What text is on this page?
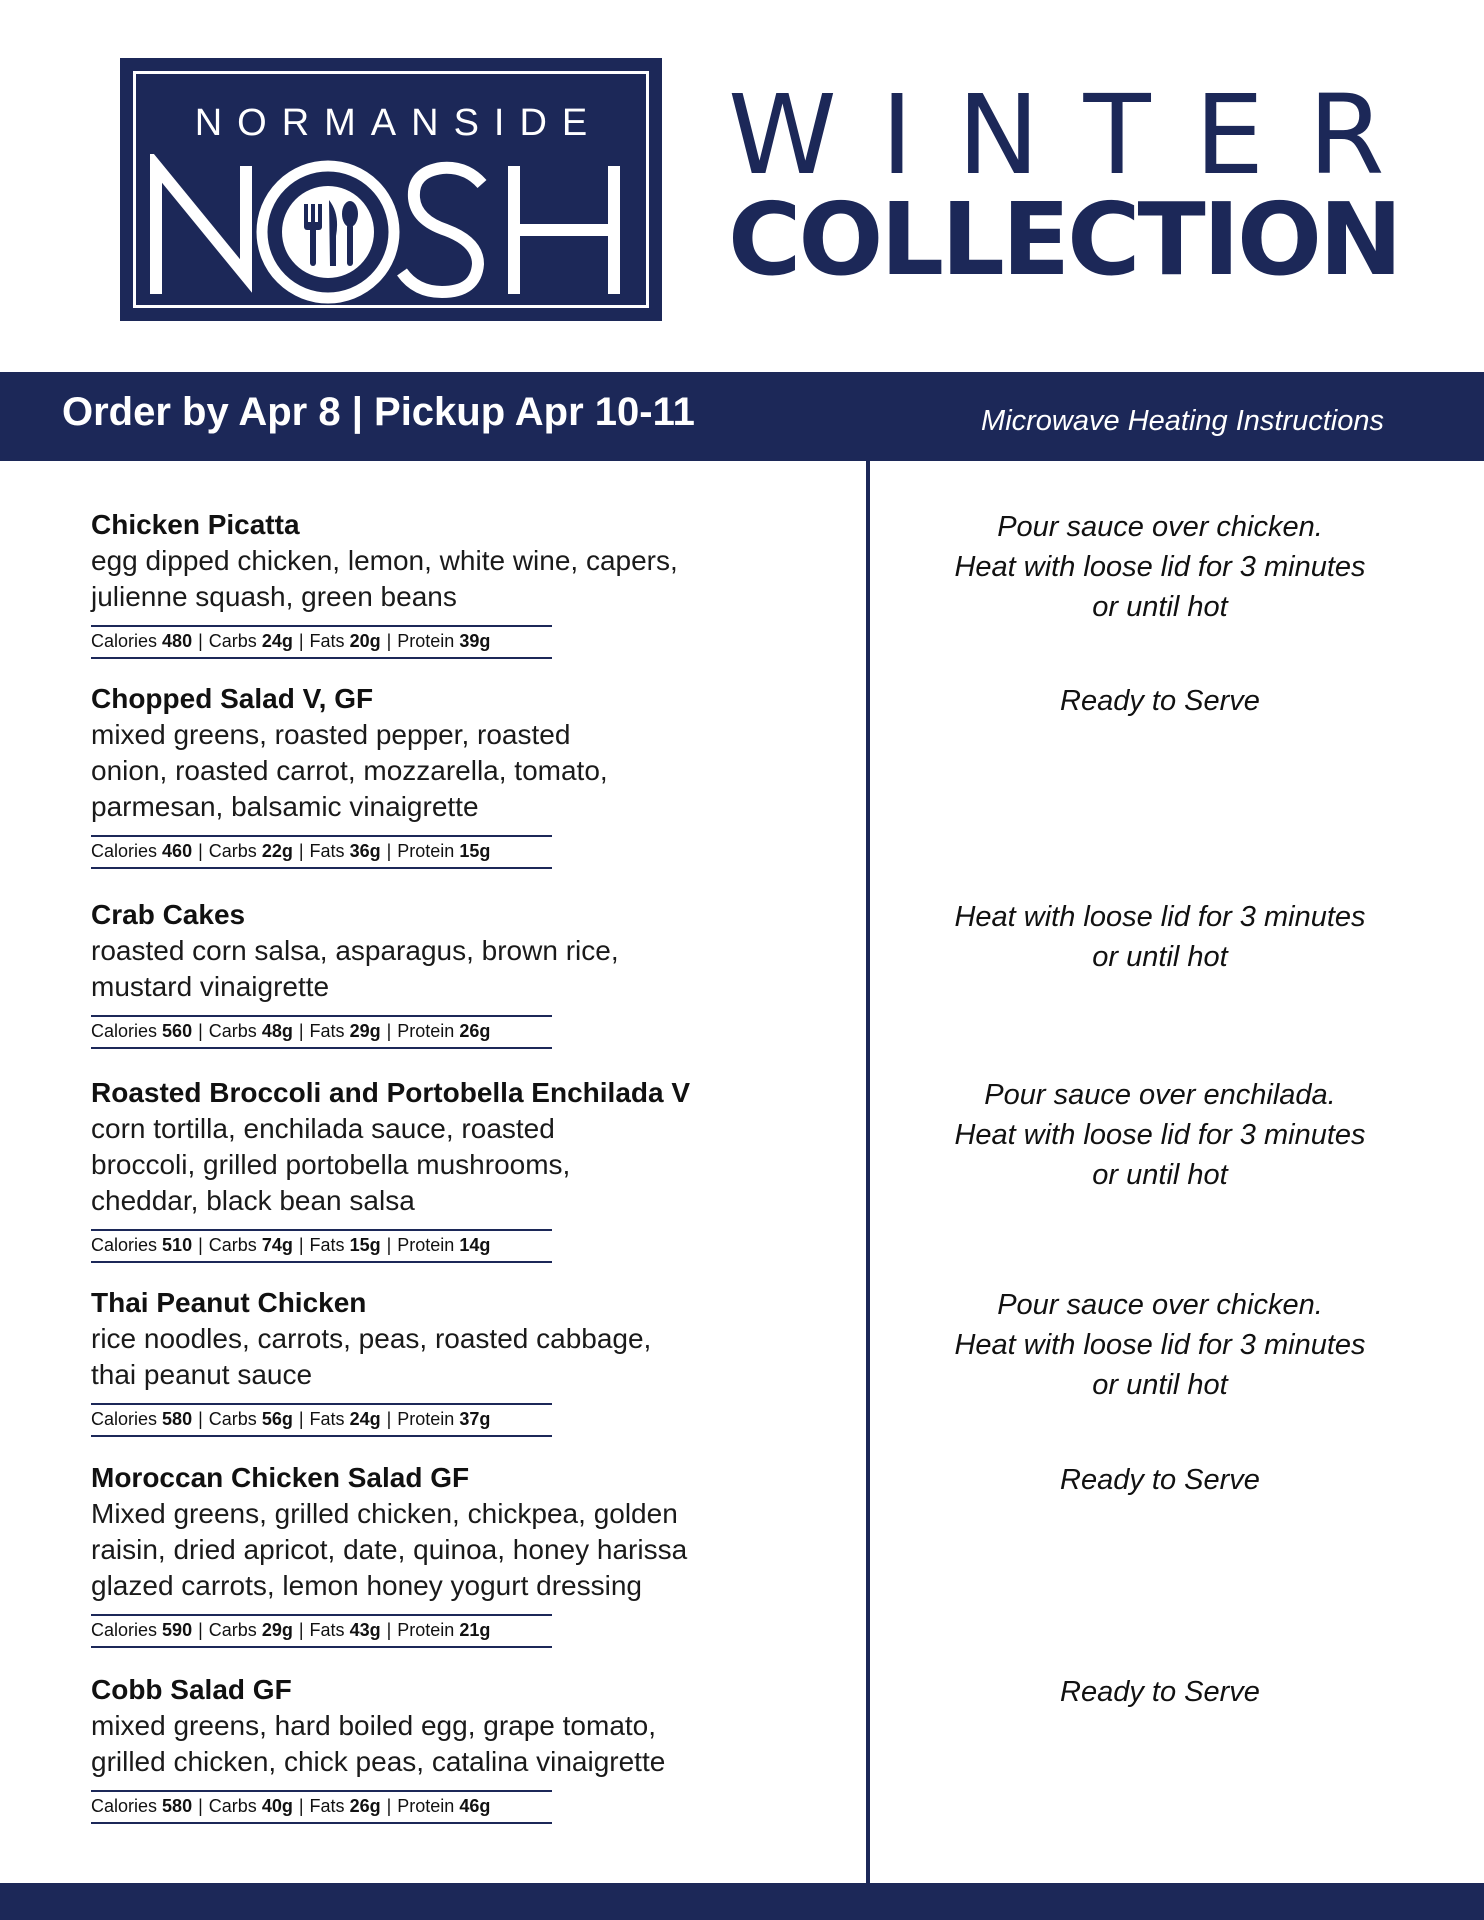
NORMANSIDE	WINTER
COLLECTION
Order by Apr 8 | Pickup Apr 10-11	Microwave Heating Instructions
Chicken Picatta
egg dipped chicken, lemon, white wine, capers,
julienne squash, green beans
Calories 480 | Carbs 24g | Fats 20g | Protein 39g
Chopped Salad V, GF
mixed greens, roasted pepper, roasted
onion, roasted carrot, mozzarella, tomato,
parmesan, balsamic vinaigrette
Calories 460 | Carbs 22g | Fats 36g | Protein 15g
Crab Cakes
roasted corn salsa, asparagus, brown rice,
mustard vinaigrette
Calories 560 | Carbs 48g | Fats 29g | Protein 26g
Roasted Broccoli and Portobella Enchilada V
corn tortilla, enchilada sauce, roasted
broccoli, grilled portobella mushrooms,
cheddar, black bean salsa
Calories 510 | Carbs 74g | Fats 15g | Protein 14g
Thai Peanut Chicken
rice noodles, carrots, peas, roasted cabbage,
thai peanut sauce
Calories 580 | Carbs 56g | Fats 24g | Protein 37g
Moroccan Chicken Salad GF
Mixed greens, grilled chicken, chickpea, golden
raisin, dried apricot, date, quinoa, honey harissa
glazed carrots, lemon honey yogurt dressing
Calories 590 | Carbs 29g | Fats 43g | Protein 21g
Cobb Salad GF
mixed greens, hard boiled egg, grape tomato,
grilled chicken, chick peas, catalina vinaigrette
Calories 580 | Carbs 40g | Fats 26g | Protein 46g
Pour sauce over chicken.
Heat with loose lid for 3 minutes
or until hot
Ready to Serve
Heat with loose lid for 3 minutes
or until hot
Pour sauce over enchilada.
Heat with loose lid for 3 minutes
or until hot
Pour sauce over chicken.
Heat with loose lid for 3 minutes
or until hot
Ready to Serve
Ready to Serve
